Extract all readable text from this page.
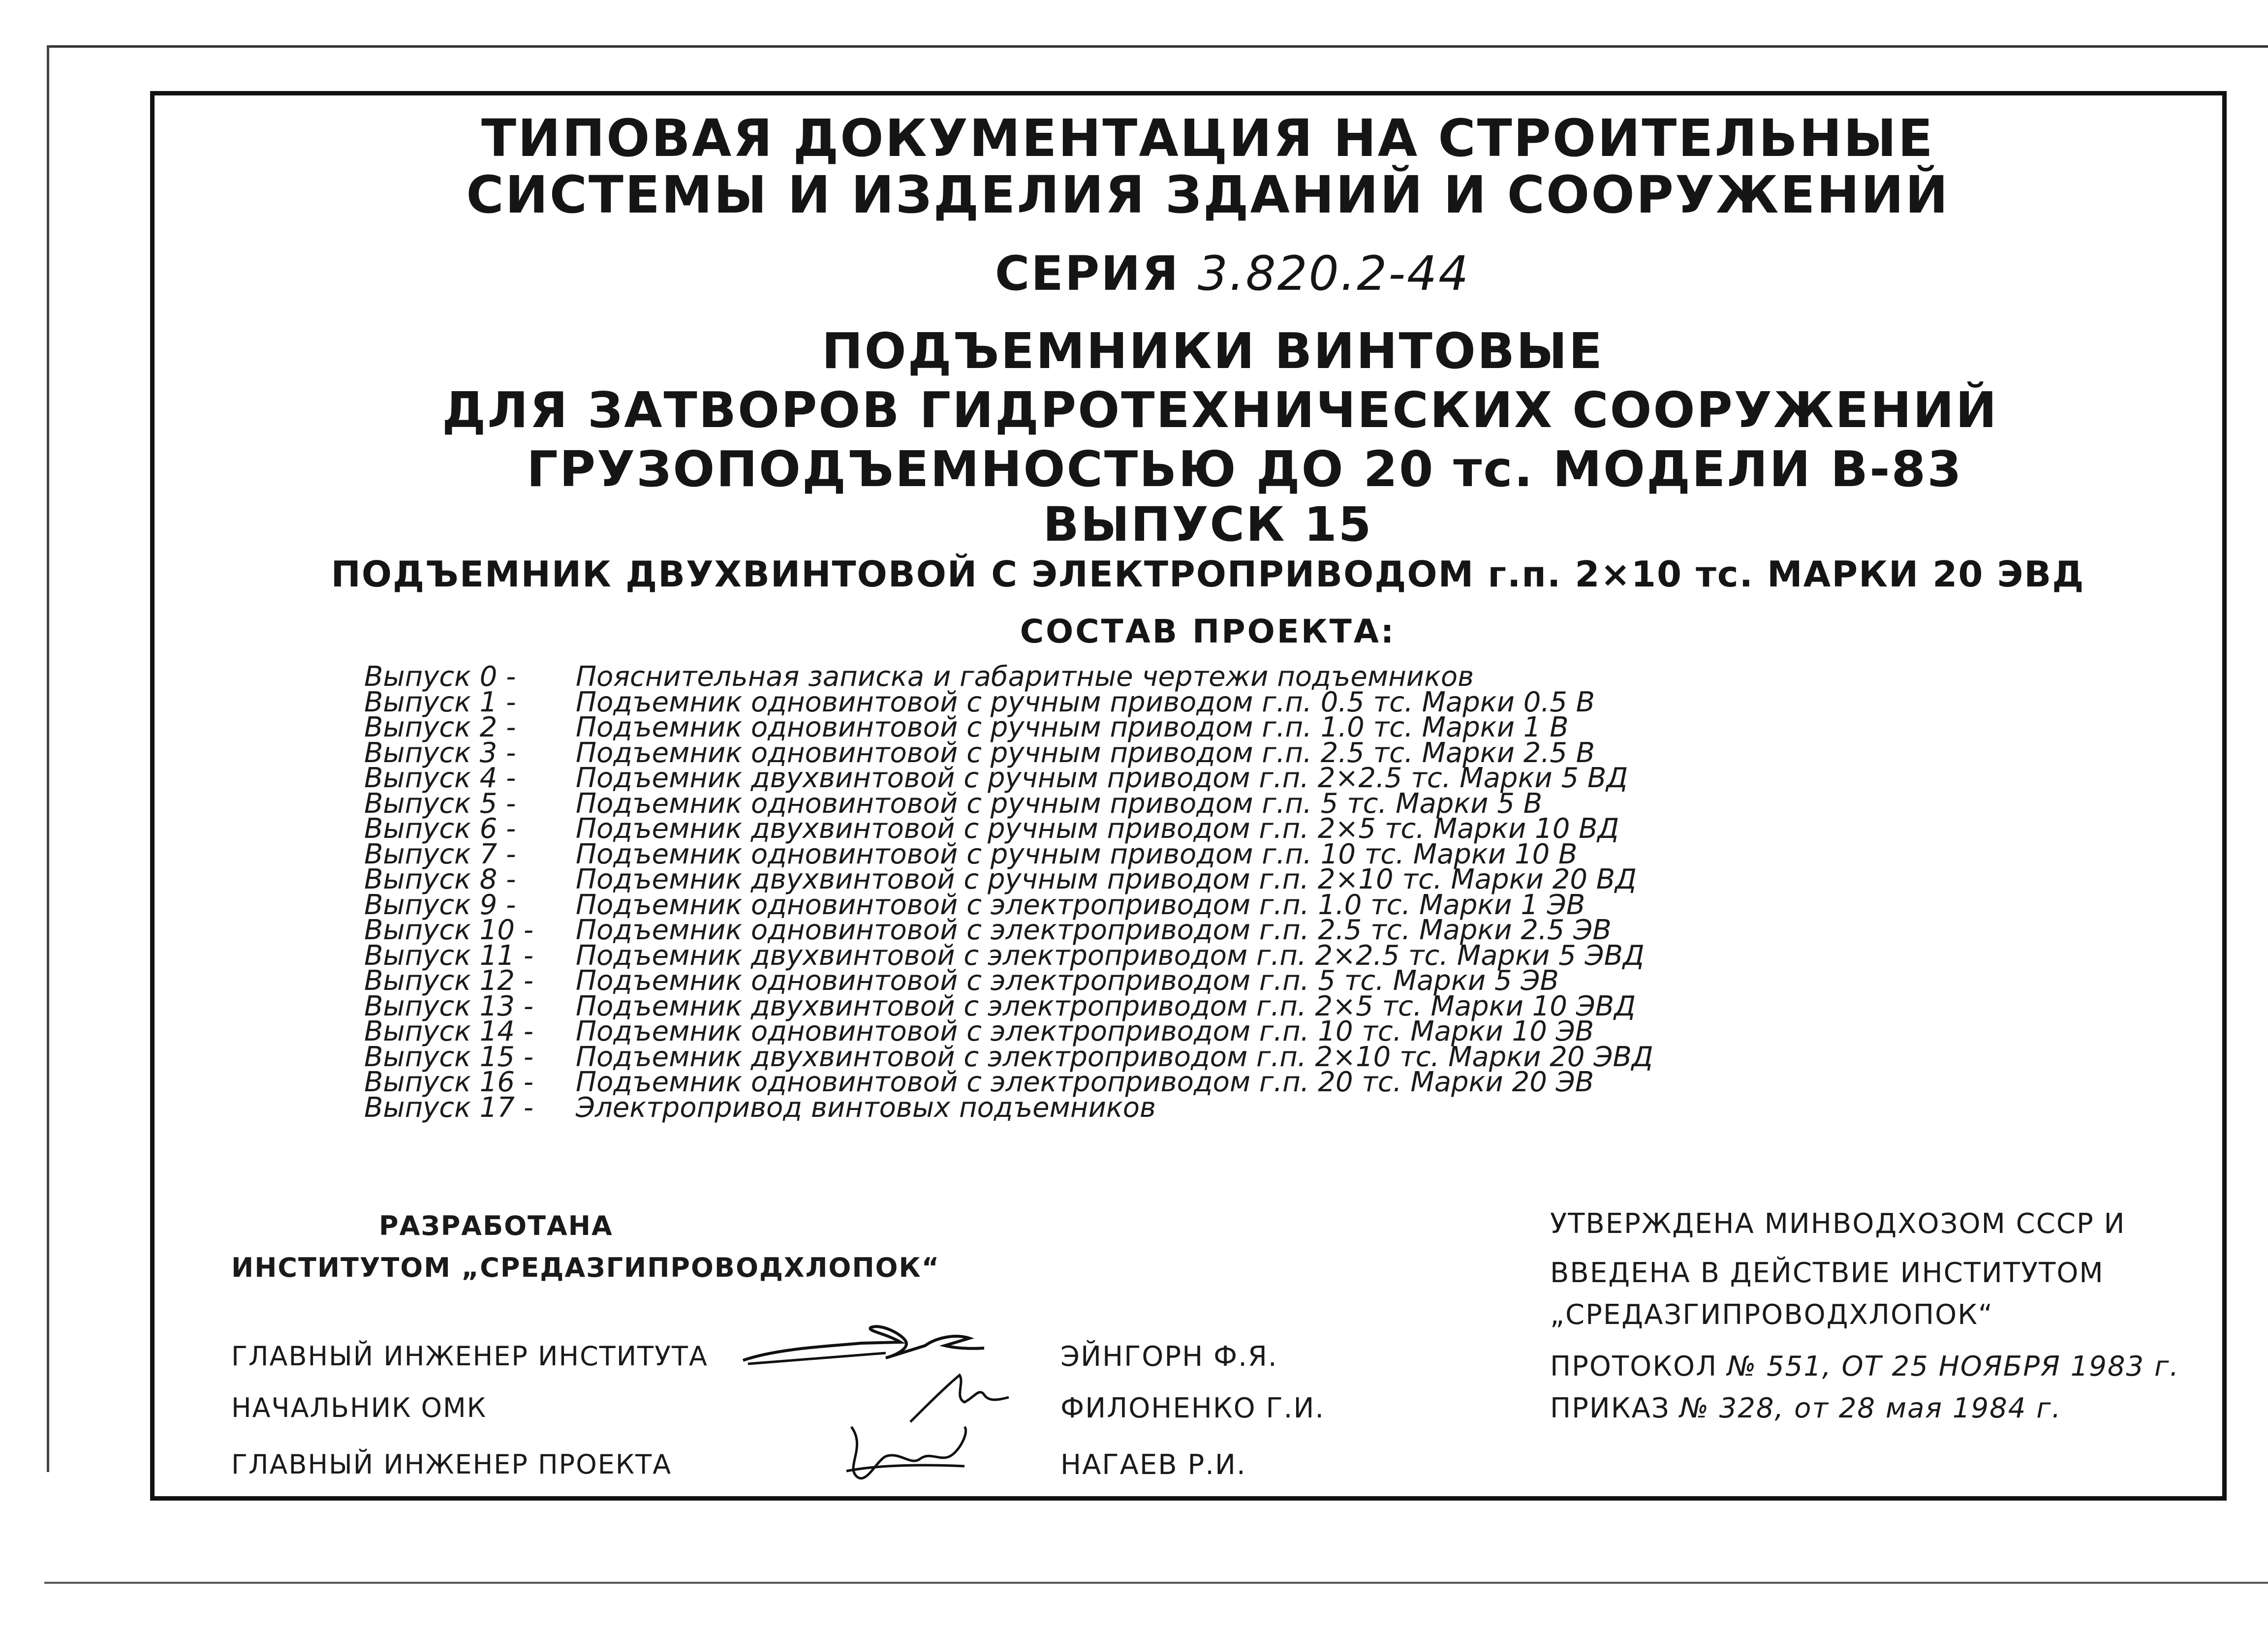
ТИПОВАЯ ДОКУМЕНТАЦИЯ НА СТРОИТЕЛЬНЫЕ
СИСТЕМЫ И ИЗДЕЛИЯ ЗДАНИЙ И СООРУЖЕНИЙ
СЕРИЯ 3.820.2-44
ПОДЪЕМНИКИ ВИНТОВЫЕ
ДЛЯ ЗАТВОРОВ ГИДРОТЕХНИЧЕСКИХ СООРУЖЕНИЙ
ГРУЗОПОДЪЕМНОСТЬЮ ДО 20 тс. МОДЕЛИ В-83
ВЫПУСК 15
ПОДЪЕМНИК ДВУХВИНТОВОЙ С ЭЛЕКТРОПРИВОДОМ г.п. 2×10 тс. МАРКИ 20 ЭВД
СОСТАВ ПРОЕКТА:
Выпуск 0 - Пояснительная записка и габаритные чертежи подъемников
Выпуск 1 - Подъемник одновинтовой с ручным приводом г.п. 0.5 тс. Марки 0.5 В
Выпуск 2 - Подъемник одновинтовой с ручным приводом г.п. 1.0 тс. Марки 1 В
Выпуск 3 - Подъемник одновинтовой с ручным приводом г.п. 2.5 тс. Марки 2.5 В
Выпуск 4 - Подъемник двухвинтовой с ручным приводом г.п. 2×2.5 тс. Марки 5 ВД
Выпуск 5 - Подъемник одновинтовой с ручным приводом г.п. 5 тс. Марки 5 В
Выпуск 6 - Подъемник двухвинтовой с ручным приводом г.п. 2×5 тс. Марки 10 ВД
Выпуск 7 - Подъемник одновинтовой с ручным приводом г.п. 10 тс. Марки 10 В
Выпуск 8 - Подъемник двухвинтовой с ручным приводом г.п. 2×10 тс. Марки 20 ВД
Выпуск 9 - Подъемник одновинтовой с электроприводом г.п. 1.0 тс. Марки 1 ЭВ
Выпуск 10 - Подъемник одновинтовой с электроприводом г.п. 2.5 тс. Марки 2.5 ЭВ
Выпуск 11 - Подъемник двухвинтовой с электроприводом г.п. 2×2.5 тс. Марки 5 ЭВД
Выпуск 12 - Подъемник одновинтовой с электроприводом г.п. 5 тс. Марки 5 ЭВ
Выпуск 13 - Подъемник двухвинтовой с электроприводом г.п. 2×5 тс. Марки 10 ЭВД
Выпуск 14 - Подъемник одновинтовой с электроприводом г.п. 10 тс. Марки 10 ЭВ
Выпуск 15 - Подъемник двухвинтовой с электроприводом г.п. 2×10 тс. Марки 20 ЭВД
Выпуск 16 - Подъемник одновинтовой с электроприводом г.п. 20 тс. Марки 20 ЭВ
Выпуск 17 - Электропривод винтовых подъемников
РАЗРАБОТАНА
ИНСТИТУТОМ „СРЕДАЗГИПРОВОДХЛОПОК“
ГЛАВНЫЙ ИНЖЕНЕР ИНСТИТУТА	ЭЙНГОРН Ф.Я.
НАЧАЛЬНИК ОМК	ФИЛОНЕНКО Г.И.
ГЛАВНЫЙ ИНЖЕНЕР ПРОЕКТА	НАГАЕВ Р.И.
УТВЕРЖДЕНА МИНВОДХОЗОМ СССР И
ВВЕДЕНА В ДЕЙСТВИЕ ИНСТИТУТОМ
„СРЕДАЗГИПРОВОДХЛОПОК“
ПРОТОКОЛ № 551, ОТ 25 НОЯБРЯ 1983 г.
ПРИКАЗ № 328, от 28 мая 1984 г.
